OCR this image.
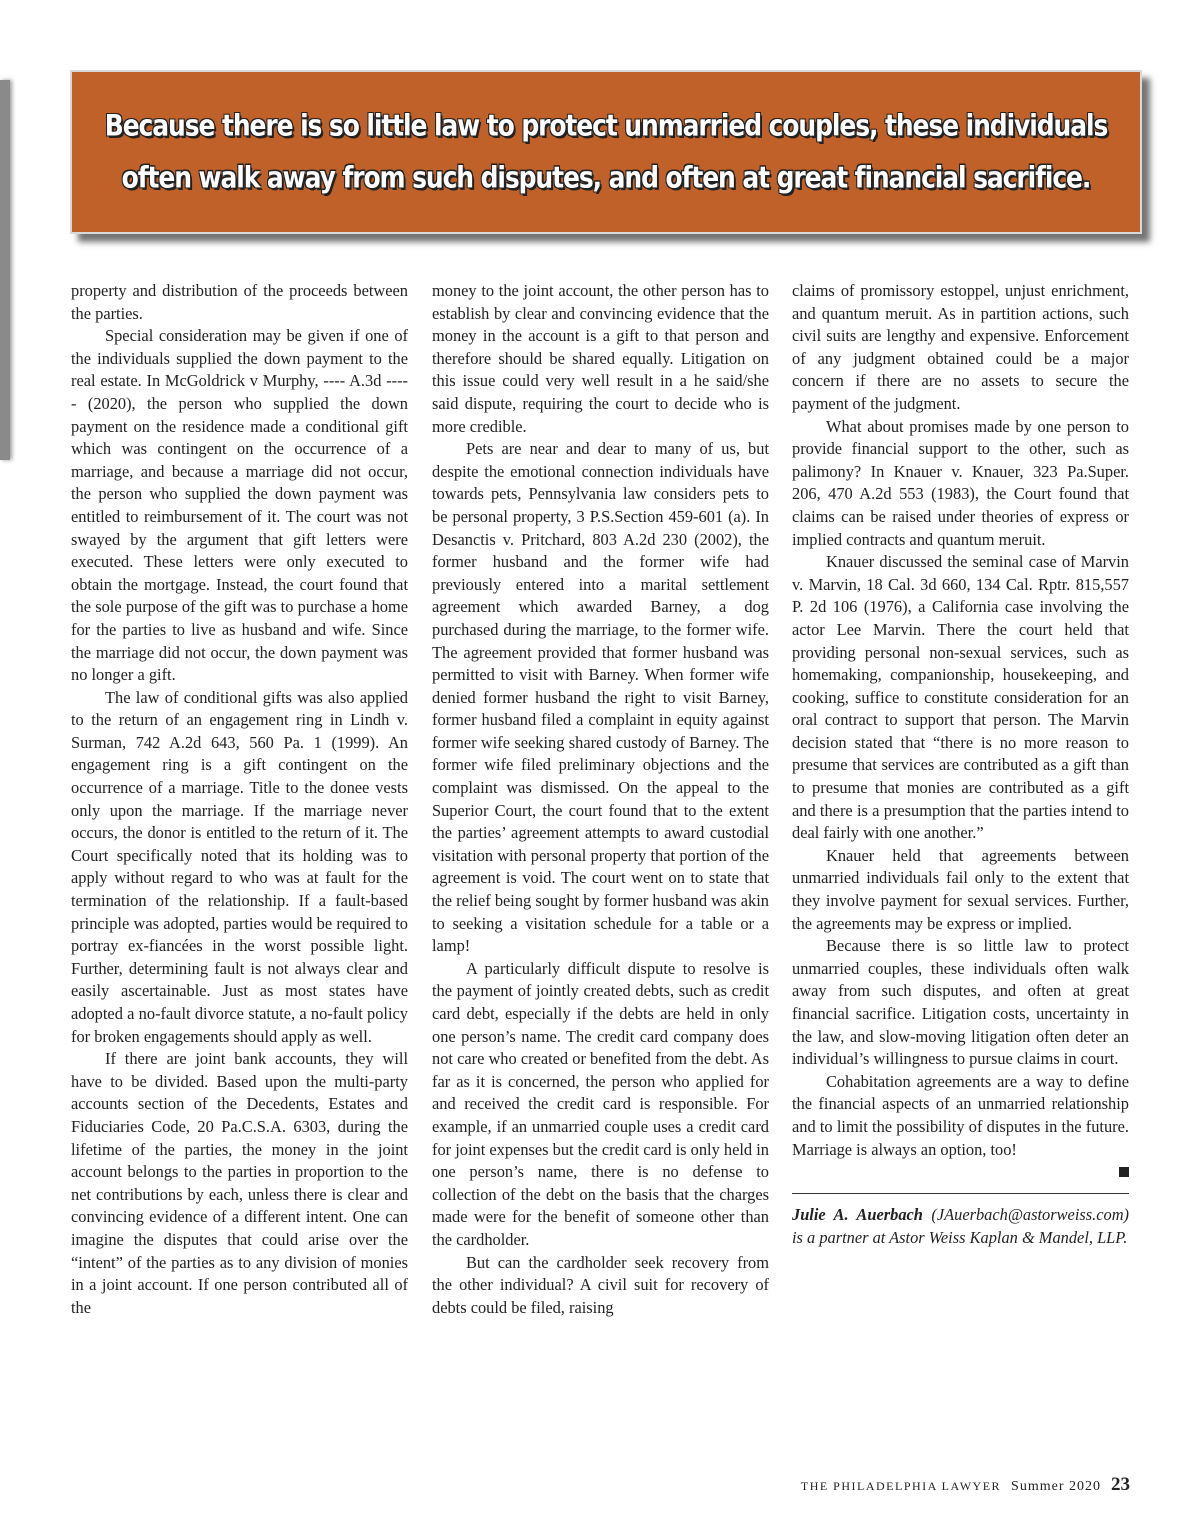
Because there is so little law to protect unmarried couples, these individuals often walk away from such disputes, and often at great financial sacrifice.

property and distribution of the proceeds between the parties.

Special consideration may be given if one of the individuals supplied the down payment to the real estate. In McGoldrick v Murphy, ---- A.3d ----- (2020), the person who supplied the down payment on the residence made a conditional gift which was contingent on the occurrence of a marriage, and because a marriage did not occur, the person who supplied the down payment was entitled to reimbursement of it. The court was not swayed by the argument that gift letters were executed. These letters were only executed to obtain the mortgage. Instead, the court found that the sole purpose of the gift was to purchase a home for the parties to live as husband and wife. Since the marriage did not occur, the down payment was no longer a gift.

The law of conditional gifts was also applied to the return of an engagement ring in Lindh v. Surman, 742 A.2d 643, 560 Pa. 1 (1999). An engagement ring is a gift contingent on the occurrence of a marriage. Title to the donee vests only upon the marriage. If the marriage never occurs, the donor is entitled to the return of it. The Court specifically noted that its holding was to apply without regard to who was at fault for the termination of the relationship. If a fault-based principle was adopted, parties would be required to portray ex-fiancées in the worst possible light. Further, determining fault is not always clear and easily ascertainable. Just as most states have adopted a no-fault divorce statute, a no-fault policy for broken engagements should apply as well.

If there are joint bank accounts, they will have to be divided. Based upon the multi-party accounts section of the Decedents, Estates and Fiduciaries Code, 20 Pa.C.S.A. 6303, during the lifetime of the parties, the money in the joint account belongs to the parties in proportion to the net contributions by each, unless there is clear and convincing evidence of a different intent. One can imagine the disputes that could arise over the “intent” of the parties as to any division of monies in a joint account. If one person contributed all of the

money to the joint account, the other person has to establish by clear and convincing evidence that the money in the account is a gift to that person and therefore should be shared equally. Litigation on this issue could very well result in a he said/she said dispute, requiring the court to decide who is more credible.

Pets are near and dear to many of us, but despite the emotional connection individuals have towards pets, Pennsylvania law considers pets to be personal property, 3 P.S.Section 459-601 (a). In Desanctis v. Pritchard, 803 A.2d 230 (2002), the former husband and the former wife had previously entered into a marital settlement agreement which awarded Barney, a dog purchased during the marriage, to the former wife. The agreement provided that former husband was permitted to visit with Barney. When former wife denied former husband the right to visit Barney, former husband filed a complaint in equity against former wife seeking shared custody of Barney. The former wife filed preliminary objections and the complaint was dismissed. On the appeal to the Superior Court, the court found that to the extent the parties’ agreement attempts to award custodial visitation with personal property that portion of the agreement is void. The court went on to state that the relief being sought by former husband was akin to seeking a visitation schedule for a table or a lamp!

A particularly difficult dispute to resolve is the payment of jointly created debts, such as credit card debt, especially if the debts are held in only one person’s name. The credit card company does not care who created or benefited from the debt. As far as it is concerned, the person who applied for and received the credit card is responsible. For example, if an unmarried couple uses a credit card for joint expenses but the credit card is only held in one person’s name, there is no defense to collection of the debt on the basis that the charges made were for the benefit of someone other than the cardholder.

But can the cardholder seek recovery from the other individual? A civil suit for recovery of debts could be filed, raising

claims of promissory estoppel, unjust enrichment, and quantum meruit. As in partition actions, such civil suits are lengthy and expensive. Enforcement of any judgment obtained could be a major concern if there are no assets to secure the payment of the judgment.

What about promises made by one person to provide financial support to the other, such as palimony? In Knauer v. Knauer, 323 Pa.Super. 206, 470 A.2d 553 (1983), the Court found that claims can be raised under theories of express or implied contracts and quantum meruit.

Knauer discussed the seminal case of Marvin v. Marvin, 18 Cal. 3d 660, 134 Cal. Rptr. 815,557 P. 2d 106 (1976), a California case involving the actor Lee Marvin. There the court held that providing personal non-sexual services, such as homemaking, companionship, housekeeping, and cooking, suffice to constitute consideration for an oral contract to support that person. The Marvin decision stated that “there is no more reason to presume that services are contributed as a gift than to presume that monies are contributed as a gift and there is a presumption that the parties intend to deal fairly with one another.”

Knauer held that agreements between unmarried individuals fail only to the extent that they involve payment for sexual services. Further, the agreements may be express or implied.

Because there is so little law to protect unmarried couples, these individuals often walk away from such disputes, and often at great financial sacrifice. Litigation costs, uncertainty in the law, and slow-moving litigation often deter an individual’s willingness to pursue claims in court.

Cohabitation agreements are a way to define the financial aspects of an unmarried relationship and to limit the possibility of disputes in the future. Marriage is always an option, too!

Julie A. Auerbach (JAuerbach@astorweiss.com) is a partner at Astor Weiss Kaplan & Mandel, LLP.

THE PHILADELPHIA LAWYER Summer 2020 23
